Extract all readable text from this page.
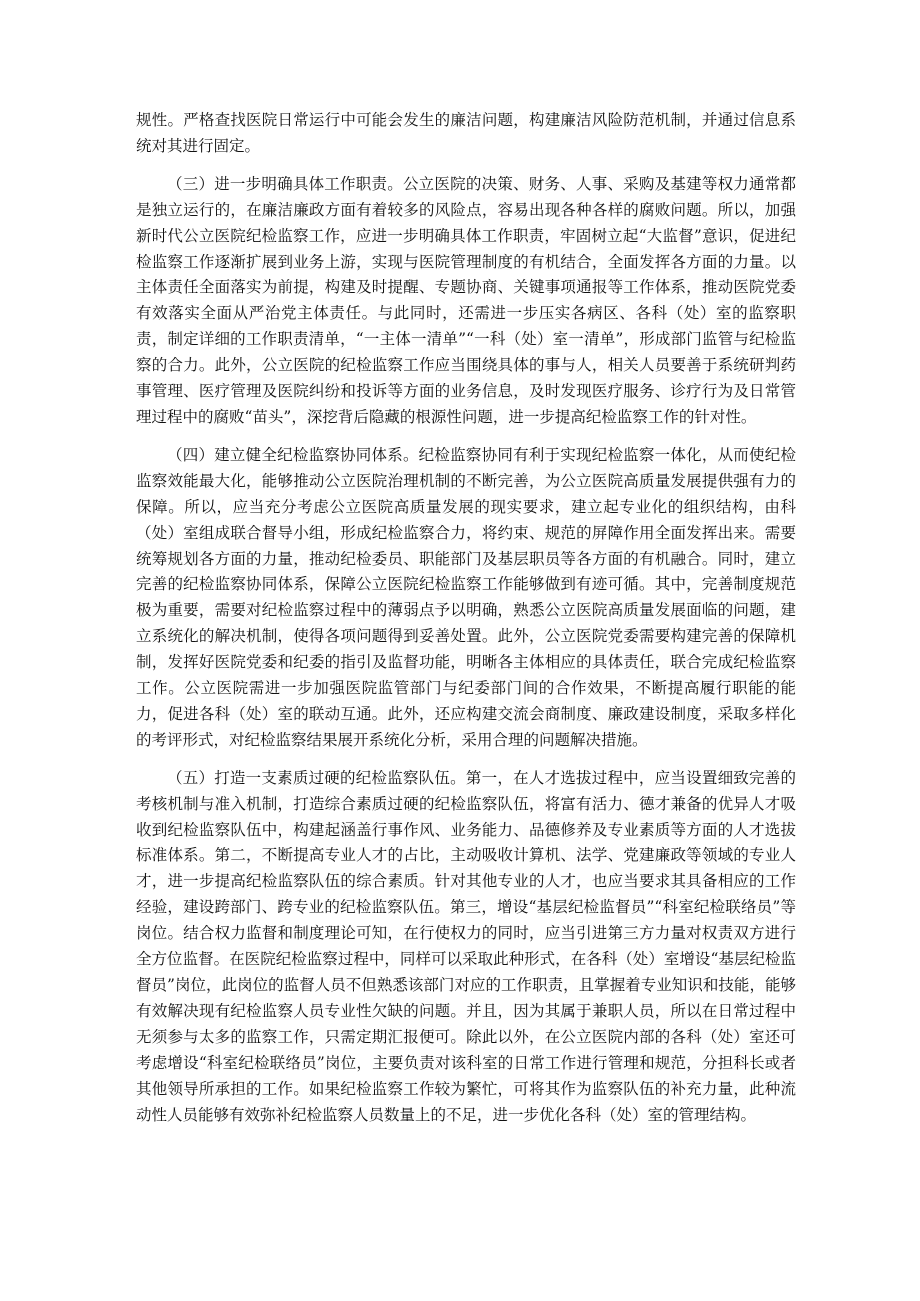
规性。严格查找医院日常运行中可能会发生的廉洁问题，构建廉洁风险防范机制，并通过信息系统对其进行固定。

（三）进一步明确具体工作职责。公立医院的决策、财务、人事、采购及基建等权力通常都是独立运行的，在廉洁廉政方面有着较多的风险点，容易出现各种各样的腐败问题。所以，加强新时代公立医院纪检监察工作，应进一步明确具体工作职责，牢固树立起“大监督”意识，促进纪检监察工作逐渐扩展到业务上游，实现与医院管理制度的有机结合，全面发挥各方面的力量。以主体责任全面落实为前提，构建及时提醒、专题协商、关键事项通报等工作体系，推动医院党委有效落实全面从严治党主体责任。与此同时，还需进一步压实各病区、各科（处）室的监察职责，制定详细的工作职责清单，“一主体一清单”“一科（处）室一清单”，形成部门监管与纪检监察的合力。此外，公立医院的纪检监察工作应当围绕具体的事与人，相关人员要善于系统研判药事管理、医疗管理及医院纠纷和投诉等方面的业务信息，及时发现医疗服务、诊疗行为及日常管理过程中的腐败“苗头”，深挖背后隐藏的根源性问题，进一步提高纪检监察工作的针对性。

（四）建立健全纪检监察协同体系。纪检监察协同有利于实现纪检监察一体化，从而使纪检监察效能最大化，能够推动公立医院治理机制的不断完善，为公立医院高质量发展提供强有力的保障。所以，应当充分考虑公立医院高质量发展的现实要求，建立起专业化的组织结构，由科（处）室组成联合督导小组，形成纪检监察合力，将约束、规范的屏障作用全面发挥出来。需要统筹规划各方面的力量，推动纪检委员、职能部门及基层职员等各方面的有机融合。同时，建立完善的纪检监察协同体系，保障公立医院纪检监察工作能够做到有迹可循。其中，完善制度规范极为重要，需要对纪检监察过程中的薄弱点予以明确，熟悉公立医院高质量发展面临的问题，建立系统化的解决机制，使得各项问题得到妥善处置。此外，公立医院党委需要构建完善的保障机制，发挥好医院党委和纪委的指引及监督功能，明晰各主体相应的具体责任，联合完成纪检监察工作。公立医院需进一步加强医院监管部门与纪委部门间的合作效果，不断提高履行职能的能力，促进各科（处）室的联动互通。此外，还应构建交流会商制度、廉政建设制度，采取多样化的考评形式，对纪检监察结果展开系统化分析，采用合理的问题解决措施。

（五）打造一支素质过硬的纪检监察队伍。第一，在人才选拔过程中，应当设置细致完善的考核机制与准入机制，打造综合素质过硬的纪检监察队伍，将富有活力、德才兼备的优异人才吸收到纪检监察队伍中，构建起涵盖行事作风、业务能力、品德修养及专业素质等方面的人才选拔标准体系。第二，不断提高专业人才的占比，主动吸收计算机、法学、党建廉政等领域的专业人才，进一步提高纪检监察队伍的综合素质。针对其他专业的人才，也应当要求其具备相应的工作经验，建设跨部门、跨专业的纪检监察队伍。第三，增设“基层纪检监督员”“科室纪检联络员”等岗位。结合权力监督和制度理论可知，在行使权力的同时，应当引进第三方力量对权责双方进行全方位监督。在医院纪检监察过程中，同样可以采取此种形式，在各科（处）室增设“基层纪检监督员”岗位，此岗位的监督人员不但熟悉该部门对应的工作职责，且掌握着专业知识和技能，能够有效解决现有纪检监察人员专业性欠缺的问题。并且，因为其属于兼职人员，所以在日常过程中无须参与太多的监察工作，只需定期汇报便可。除此以外，在公立医院内部的各科（处）室还可考虑增设“科室纪检联络员”岗位，主要负责对该科室的日常工作进行管理和规范，分担科长或者其他领导所承担的工作。如果纪检监察工作较为繁忙，可将其作为监察队伍的补充力量，此种流动性人员能够有效弥补纪检监察人员数量上的不足，进一步优化各科（处）室的管理结构。
